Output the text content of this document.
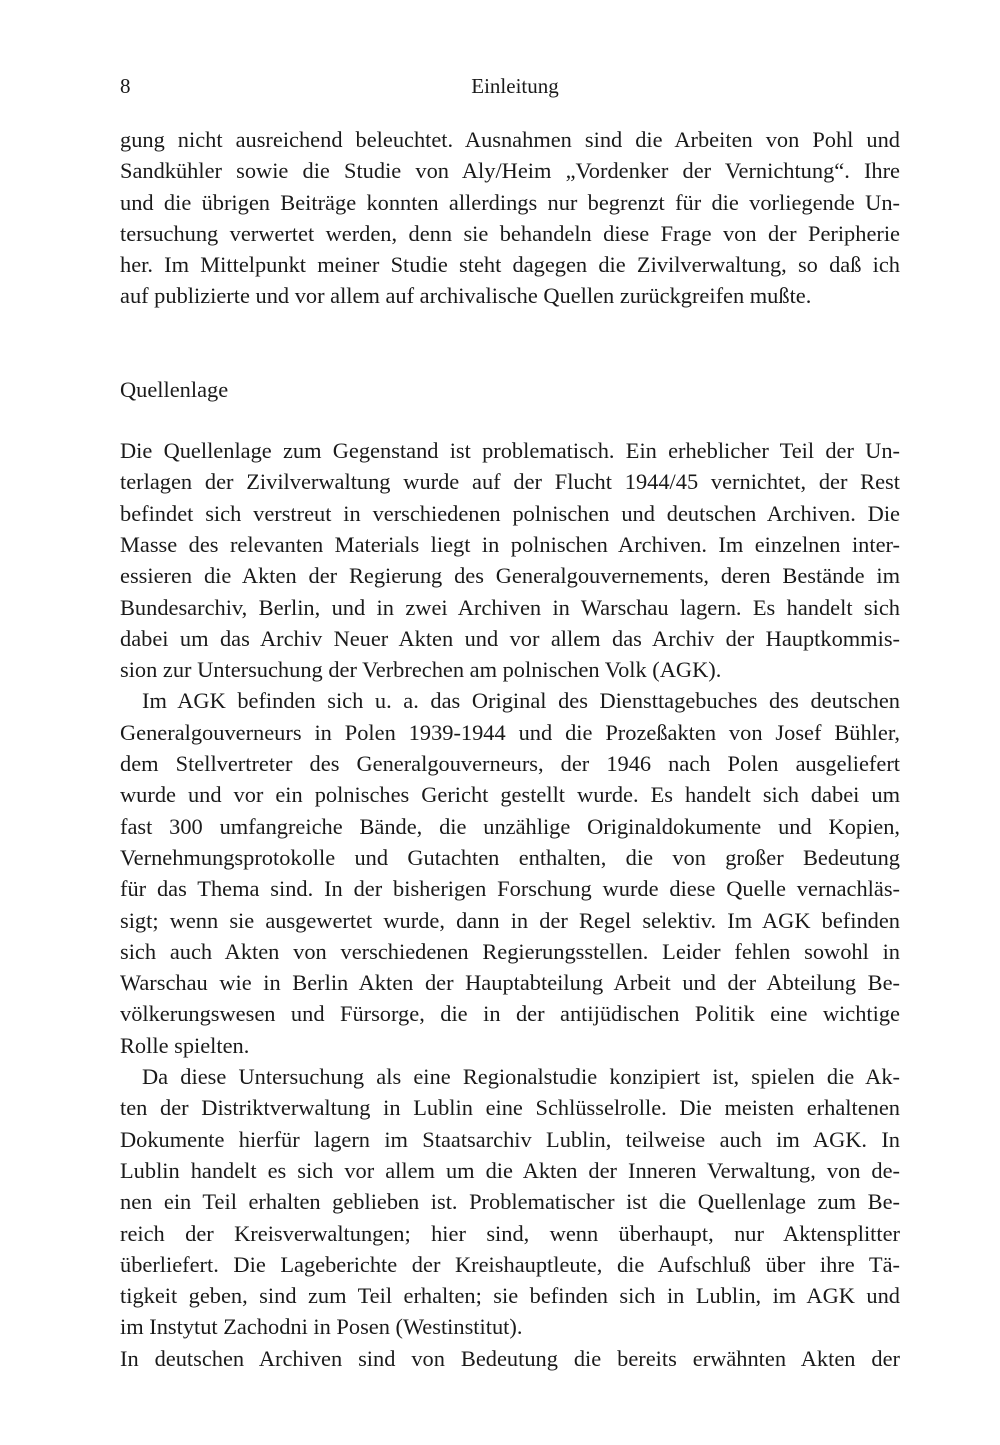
8	Einleitung

gung nicht ausreichend beleuchtet. Ausnahmen sind die Arbeiten von Pohl und
Sandkühler sowie die Studie von Aly/Heim „Vordenker der Vernichtung“. Ihre
und die übrigen Beiträge konnten allerdings nur begrenzt für die vorliegende Un-
tersuchung verwertet werden, denn sie behandeln diese Frage von der Peripherie
her. Im Mittelpunkt meiner Studie steht dagegen die Zivilverwaltung, so daß ich
auf publizierte und vor allem auf archivalische Quellen zurückgreifen mußte.

Quellenlage

Die Quellenlage zum Gegenstand ist problematisch. Ein erheblicher Teil der Un-
terlagen der Zivilverwaltung wurde auf der Flucht 1944/45 vernichtet, der Rest
befindet sich verstreut in verschiedenen polnischen und deutschen Archiven. Die
Masse des relevanten Materials liegt in polnischen Archiven. Im einzelnen inter-
essieren die Akten der Regierung des Generalgouvernements, deren Bestände im
Bundesarchiv, Berlin, und in zwei Archiven in Warschau lagern. Es handelt sich
dabei um das Archiv Neuer Akten und vor allem das Archiv der Hauptkommis-
sion zur Untersuchung der Verbrechen am polnischen Volk (AGK).

Im AGK befinden sich u. a. das Original des Diensttagebuches des deutschen
Generalgouverneurs in Polen 1939-1944 und die Prozeßakten von Josef Bühler,
dem Stellvertreter des Generalgouverneurs, der 1946 nach Polen ausgeliefert
wurde und vor ein polnisches Gericht gestellt wurde. Es handelt sich dabei um
fast 300 umfangreiche Bände, die unzählige Originaldokumente und Kopien,
Vernehmungsprotokolle und Gutachten enthalten, die von großer Bedeutung
für das Thema sind. In der bisherigen Forschung wurde diese Quelle vernachläs-
sigt; wenn sie ausgewertet wurde, dann in der Regel selektiv. Im AGK befinden
sich auch Akten von verschiedenen Regierungsstellen. Leider fehlen sowohl in
Warschau wie in Berlin Akten der Hauptabteilung Arbeit und der Abteilung Be-
völkerungswesen und Fürsorge, die in der antijüdischen Politik eine wichtige
Rolle spielten.

Da diese Untersuchung als eine Regionalstudie konzipiert ist, spielen die Ak-
ten der Distriktverwaltung in Lublin eine Schlüsselrolle. Die meisten erhaltenen
Dokumente hierfür lagern im Staatsarchiv Lublin, teilweise auch im AGK. In
Lublin handelt es sich vor allem um die Akten der Inneren Verwaltung, von de-
nen ein Teil erhalten geblieben ist. Problematischer ist die Quellenlage zum Be-
reich der Kreisverwaltungen; hier sind, wenn überhaupt, nur Aktensplitter
überliefert. Die Lageberichte der Kreishauptleute, die Aufschluß über ihre Tä-
tigkeit geben, sind zum Teil erhalten; sie befinden sich in Lublin, im AGK und
im Instytut Zachodni in Posen (Westinstitut).

In deutschen Archiven sind von Bedeutung die bereits erwähnten Akten der
